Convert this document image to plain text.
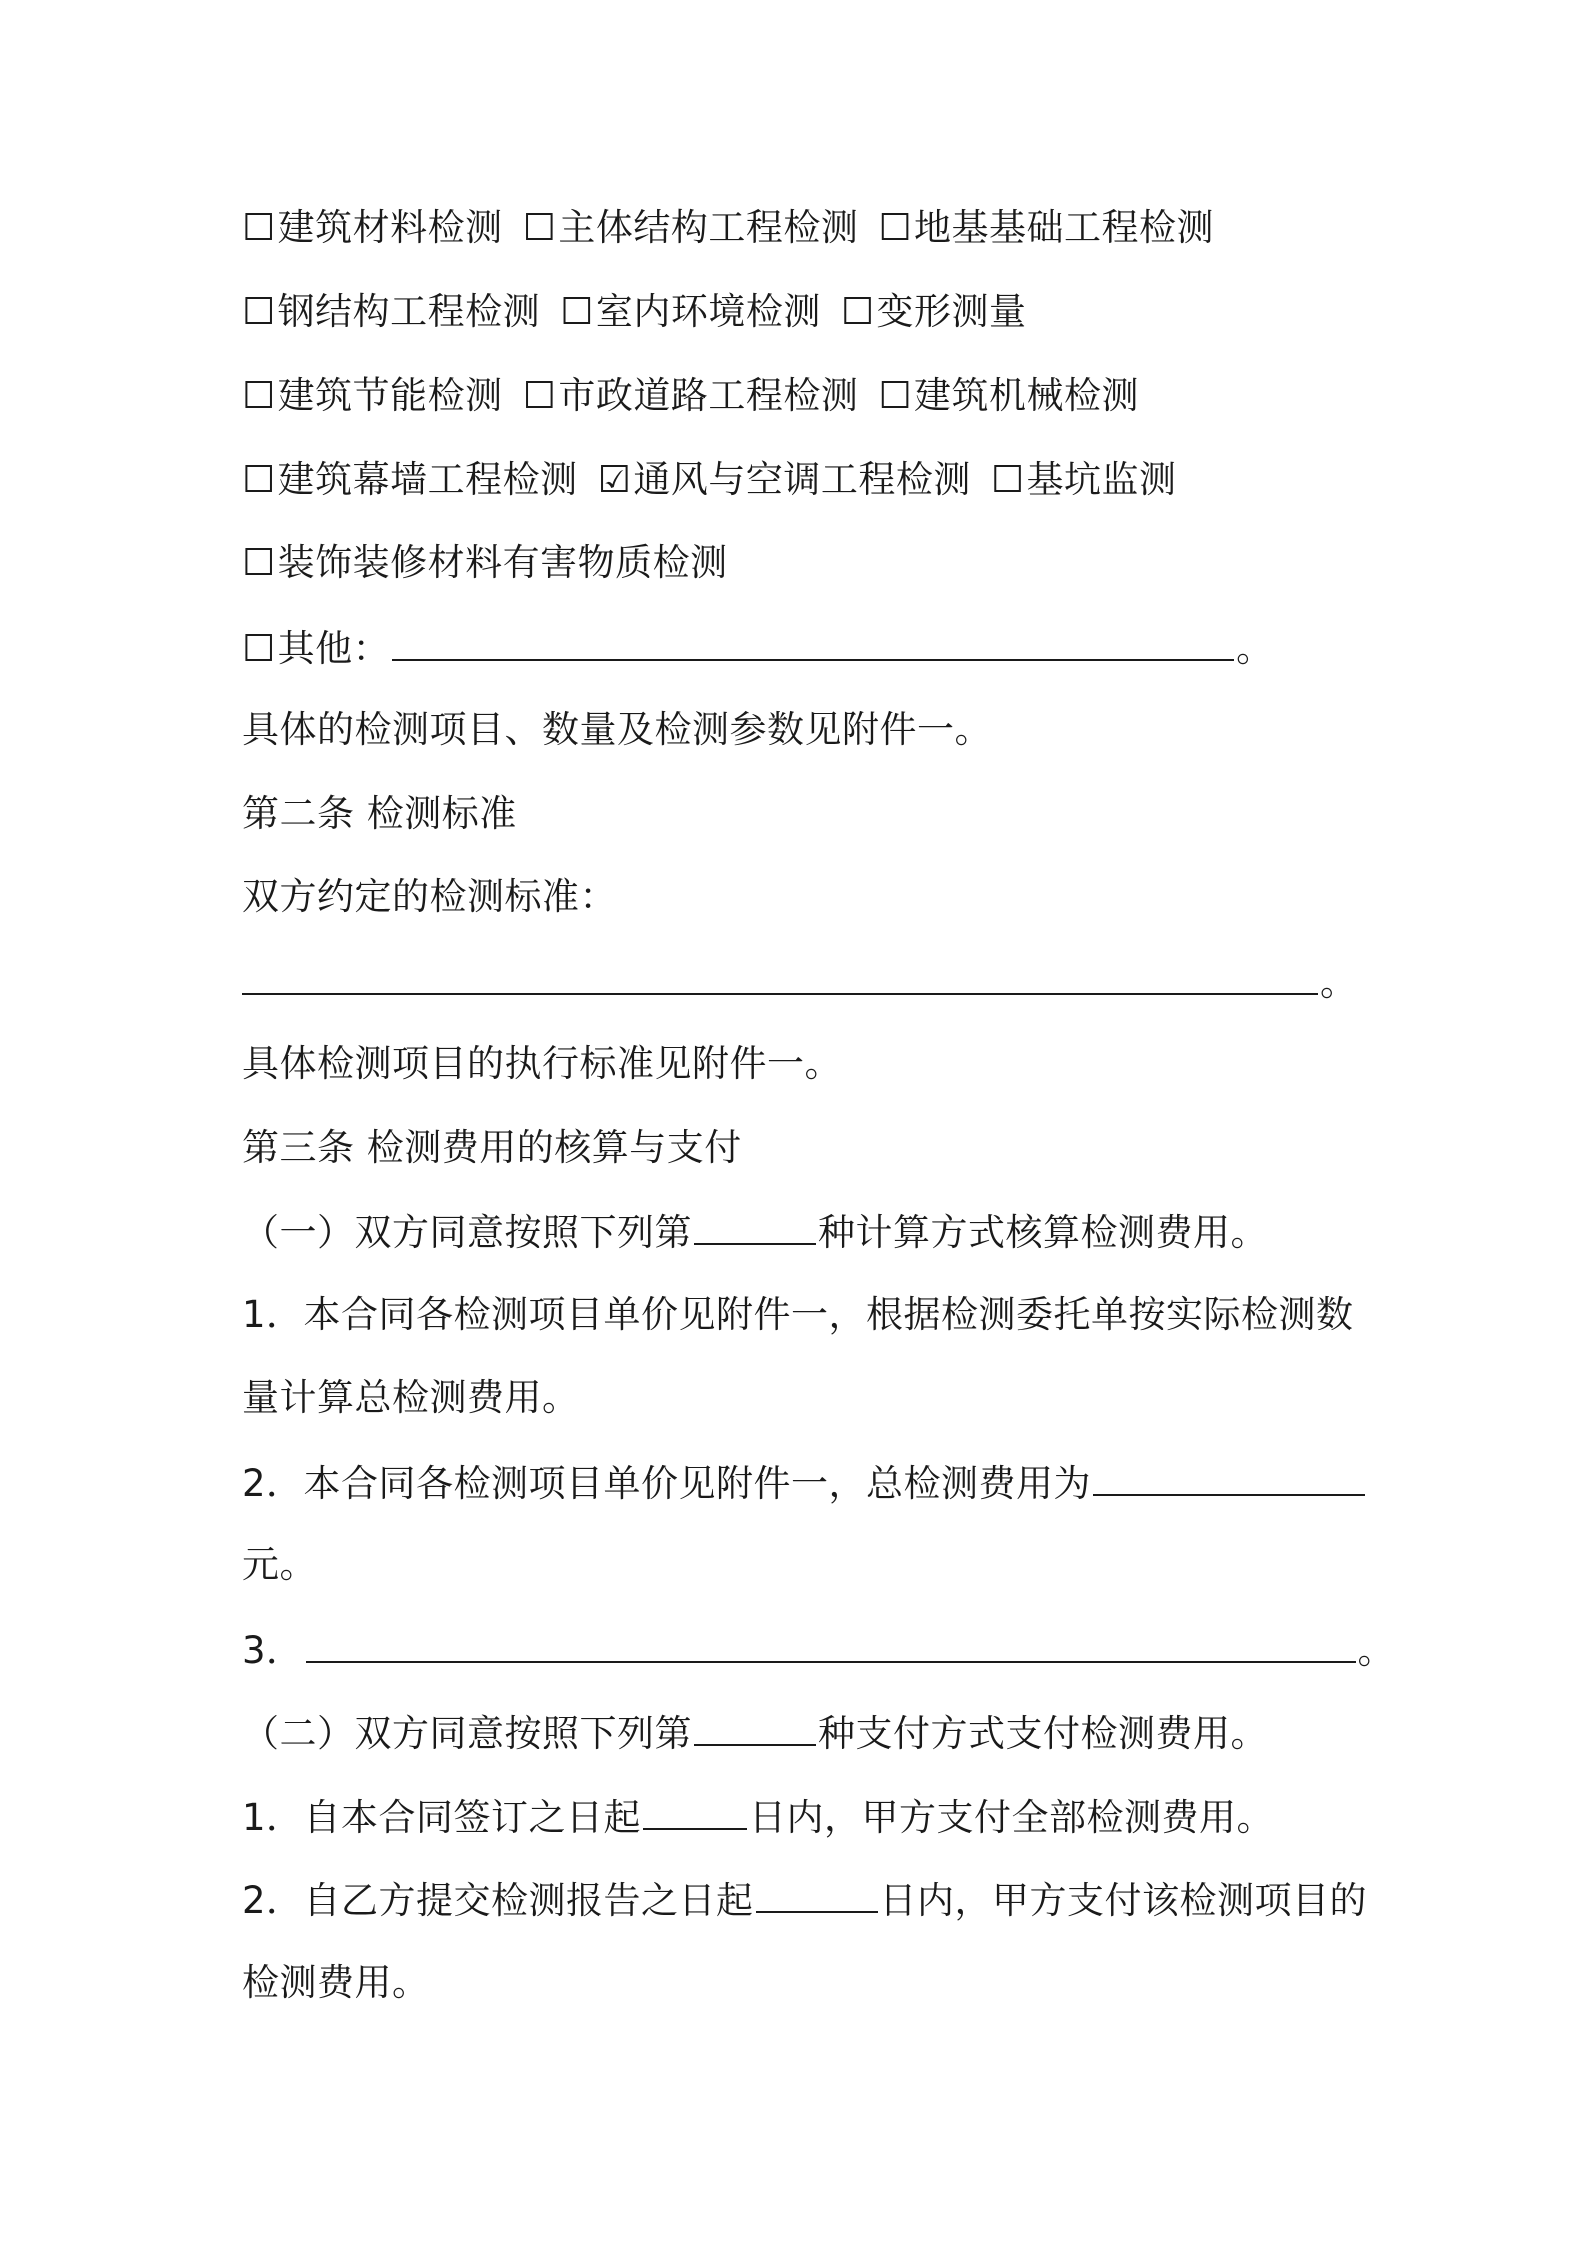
☐建筑材料检测 ☐主体结构工程检测 ☐地基基础工程检测
☐钢结构工程检测 ☐室内环境检测 ☐变形测量
☐建筑节能检测 ☐市政道路工程检测 ☐建筑机械检测
☐建筑幕墙工程检测 ☑通风与空调工程检测 ☐基坑监测
☐装饰装修材料有害物质检测
☐其他：	。
具体的检测项目、数量及检测参数见附件一。
第二条 检测标准
双方约定的检测标准：
。
具体检测项目的执行标准见附件一。
第三条 检测费用的核算与支付
（一）双方同意按照下列第	种计算方式核算检测费用。
1．本合同各检测项目单价见附件一，根据检测委托单按实际检测数
量计算总检测费用。
2．本合同各检测项目单价见附件一，总检测费用为
元。
3．	。
（二）双方同意按照下列第	种支付方式支付检测费用。
1．自本合同签订之日起	日内，甲方支付全部检测费用。
2．自乙方提交检测报告之日起	日内，甲方支付该检测项目的
检测费用。
